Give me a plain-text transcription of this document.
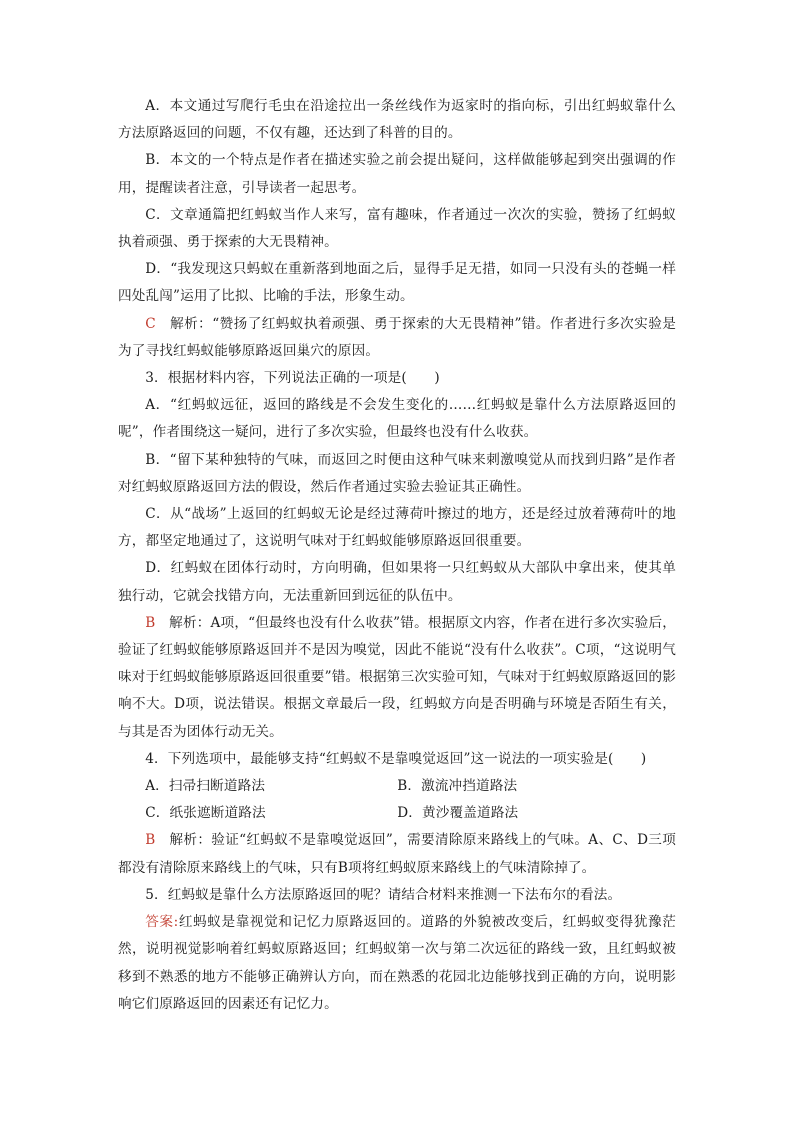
A．本文通过写爬行毛虫在沿途拉出一条丝线作为返家时的指向标，引出红蚂蚁靠什么方法原路返回的问题，不仅有趣，还达到了科普的目的。

B．本文的一个特点是作者在描述实验之前会提出疑问，这样做能够起到突出强调的作用，提醒读者注意，引导读者一起思考。

C．文章通篇把红蚂蚁当作人来写，富有趣味，作者通过一次次的实验，赞扬了红蚂蚁执着顽强、勇于探索的大无畏精神。

D．“我发现这只蚂蚁在重新落到地面之后，显得手足无措，如同一只没有头的苍蝇一样四处乱闯”运用了比拟、比喻的手法，形象生动。

C　 解析：“赞扬了红蚂蚁执着顽强、勇于探索的大无畏精神”错。作者进行多次实验是为了寻找红蚂蚁能够原路返回巢穴的原因。

3．根据材料内容，下列说法正确的一项是(　　)

A．“红蚂蚁远征，返回的路线是不会发生变化的……红蚂蚁是靠什么方法原路返回的呢”，作者围绕这一疑问，进行了多次实验，但最终也没有什么收获。

B．“留下某种独特的气味，而返回之时便由这种气味来刺激嗅觉从而找到归路”是作者对红蚂蚁原路返回方法的假设，然后作者通过实验去验证其正确性。

C．从“战场”上返回的红蚂蚁无论是经过薄荷叶擦过的地方，还是经过放着薄荷叶的地方，都坚定地通过了，这说明气味对于红蚂蚁能够原路返回很重要。

D．红蚂蚁在团体行动时，方向明确，但如果将一只红蚂蚁从大部队中拿出来，使其单独行动，它就会找错方向，无法重新回到远征的队伍中。

B　 解析：A项，“但最终也没有什么收获”错。根据原文内容，作者在进行多次实验后，验证了红蚂蚁能够原路返回并不是因为嗅觉，因此不能说“没有什么收获”。C项，“这说明气味对于红蚂蚁能够原路返回很重要”错。根据第三次实验可知，气味对于红蚂蚁原路返回的影响不大。D项，说法错误。根据文章最后一段，红蚂蚁方向是否明确与环境是否陌生有关，与其是否为团体行动无关。

4．下列选项中，最能够支持“红蚂蚁不是靠嗅觉返回”这一说法的一项实验是(　　)

A．扫帚扫断道路法	B．激流冲挡道路法
C．纸张遮断道路法	D．黄沙覆盖道路法

B　 解析：验证“红蚂蚁不是靠嗅觉返回”，需要清除原来路线上的气味。A、C、D三项都没有清除原来路线上的气味，只有B项将红蚂蚁原来路线上的气味清除掉了。

5．红蚂蚁是靠什么方法原路返回的呢？请结合材料来推测一下法布尔的看法。

答案:红蚂蚁是靠视觉和记忆力原路返回的。道路的外貌被改变后，红蚂蚁变得犹豫茫然，说明视觉影响着红蚂蚁原路返回；红蚂蚁第一次与第二次远征的路线一致，且红蚂蚁被移到不熟悉的地方不能够正确辨认方向，而在熟悉的花园北边能够找到正确的方向，说明影响它们原路返回的因素还有记忆力。
